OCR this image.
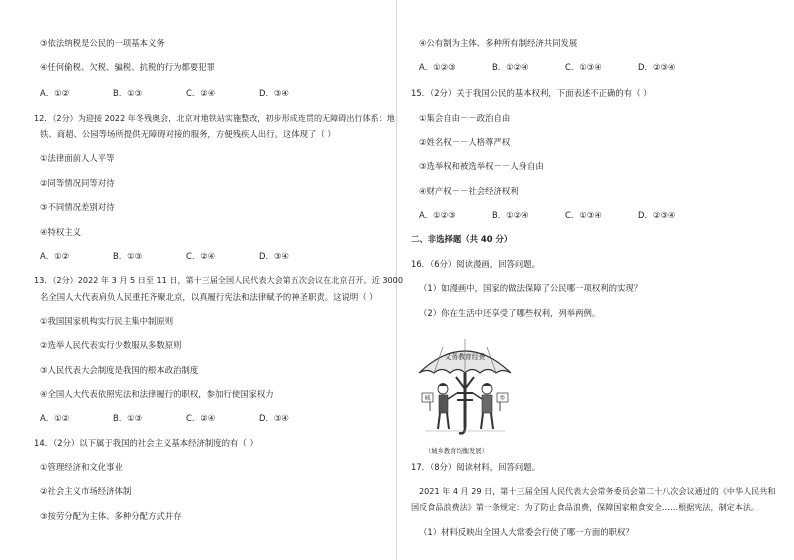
③依法纳税是公民的一项基本义务
④任何偷税、欠税、骗税、抗税的行为都要犯罪
A．①②	B．①③	C．②④	D．③④
12．（2分）为迎接 2022 年冬残奥会，北京对地铁站实施整改，初步形成连贯的无障碍出行体系：地
铁、商超、公园等场所提供无障碍对接的服务，方便残疾人出行。这体现了（ ）
①法律面前人人平等
②同等情况同等对待
③不同情况差别对待
④特权主义
A．①②	B．①③	C．②④	D．③④
13．（2分）2022 年 3 月 5 日至 11 日，第十三届全国人民代表大会第五次会议在北京召开。近 3000
名全国人大代表肩负人民重托齐聚北京，以真履行宪法和法律赋予的神圣职责。这说明（ ）
①我国国家机构实行民主集中制原则
②选举人民代表实行少数服从多数原则
③人民代表大会制度是我国的根本政治制度
④全国人大代表依照宪法和法律履行的职权，参加行使国家权力
A．①②	B．①③	C．②④	D．③④
14．（2分）以下属于我国的社会主义基本经济制度的有（ ）
①管理经济和文化事业
②社会主义市场经济体制
③按劳分配为主体、多种分配方式并存
④公有制为主体、多种所有制经济共同发展
A．①②③	B．①②④	C．①③④	D．②③④
15．（2分）关于我国公民的基本权利，下面表述不正确的有（ ）
①集会自由－－政治自由
②姓名权－－人格尊严权
③选举权和被选举权－－人身自由
④财产权－－社会经济权利
A．①②③	B．①②④	C．①③④	D．②③④
二、非选择题（共 40 分）
16．（6分）阅读漫画，回答问题。
（1）如漫画中，国家的做法保障了公民哪一项权利的实现？
（2）你在生活中还享受了哪些权利，列举两例。
17．（8分）阅读材料，回答问题。
2021 年 4 月 29 日，第十三届全国人民代表大会常务委员会第二十八次会议通过的《中华人民共和
国反食品浪费法》第一条规定：为了防止食品浪费，保障国家粮食安全……根据宪法，制定本法。
（1）材料反映出全国人大常委会行使了哪一方面的职权？
义务教育经费
城	乡
（城乡教育均衡发展）
